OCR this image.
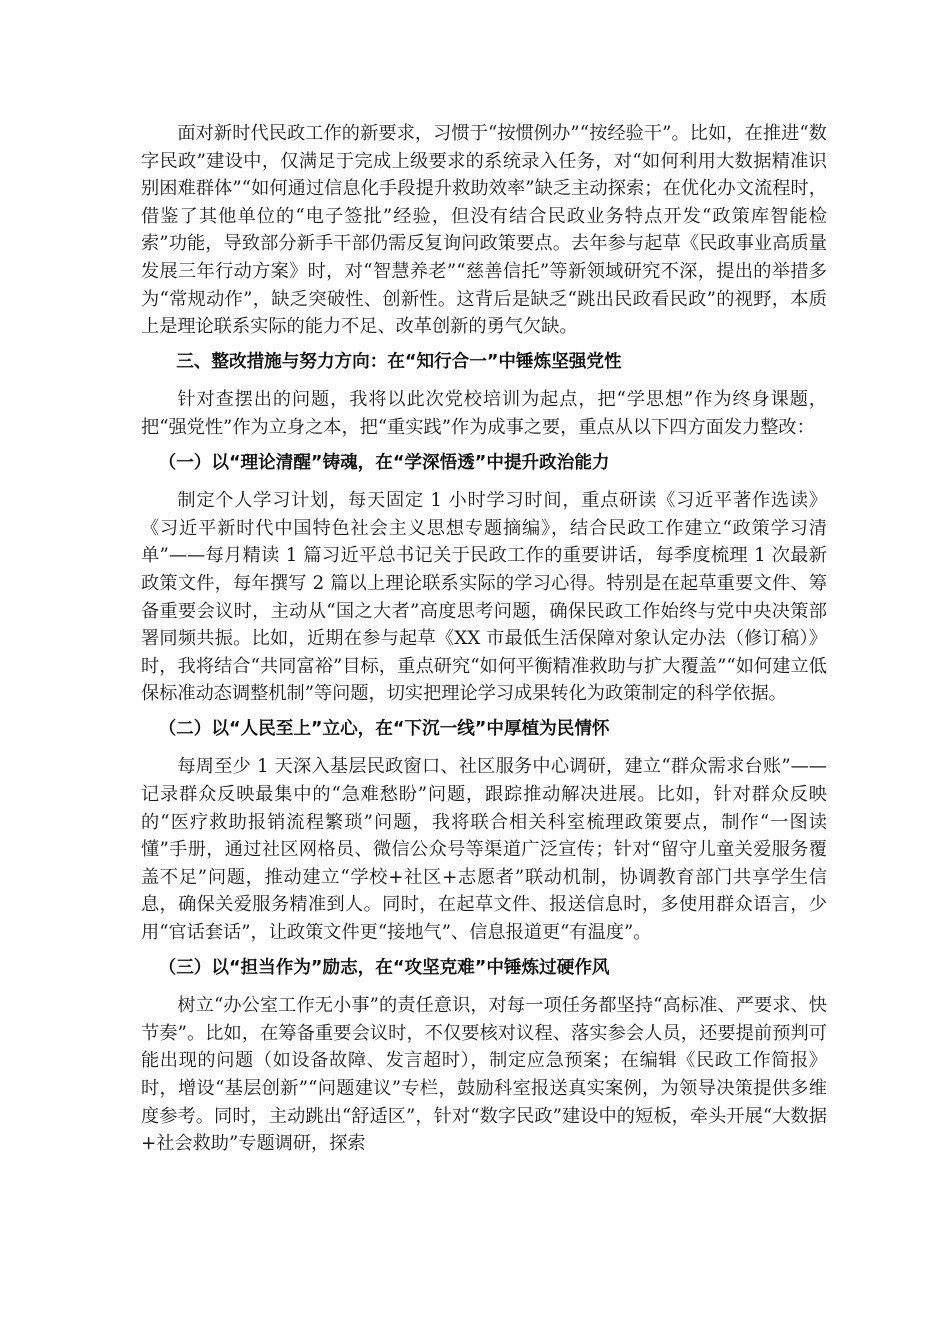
面对新时代民政工作的新要求，习惯于“按惯例办”“按经验干”。比如，在推进“数字民政”建设中，仅满足于完成上级要求的系统录入任务，对“如何利用大数据精准识别困难群体”“如何通过信息化手段提升救助效率”缺乏主动探索；在优化办文流程时，借鉴了其他单位的“电子签批”经验，但没有结合民政业务特点开发“政策库智能检索”功能，导致部分新手干部仍需反复询问政策要点。去年参与起草《民政事业高质量发展三年行动方案》时，对“智慧养老”“慈善信托”等新领域研究不深，提出的举措多为“常规动作”，缺乏突破性、创新性。这背后是缺乏“跳出民政看民政”的视野，本质上是理论联系实际的能力不足、改革创新的勇气欠缺。

三、整改措施与努力方向：在“知行合一”中锤炼坚强党性

针对查摆出的问题，我将以此次党校培训为起点，把“学思想”作为终身课题，把“强党性”作为立身之本，把“重实践”作为成事之要，重点从以下四方面发力整改：

（一）以“理论清醒”铸魂，在“学深悟透”中提升政治能力

制定个人学习计划，每天固定 1 小时学习时间，重点研读《习近平著作选读》《习近平新时代中国特色社会主义思想专题摘编》，结合民政工作建立“政策学习清单”——每月精读 1 篇习近平总书记关于民政工作的重要讲话，每季度梳理 1 次最新政策文件，每年撰写 2 篇以上理论联系实际的学习心得。特别是在起草重要文件、筹备重要会议时，主动从“国之大者”高度思考问题，确保民政工作始终与党中央决策部署同频共振。比如，近期在参与起草《XX 市最低生活保障对象认定办法（修订稿）》时，我将结合“共同富裕”目标，重点研究“如何平衡精准救助与扩大覆盖”“如何建立低保标准动态调整机制”等问题，切实把理论学习成果转化为政策制定的科学依据。

（二）以“人民至上”立心，在“下沉一线”中厚植为民情怀

每周至少 1 天深入基层民政窗口、社区服务中心调研，建立“群众需求台账”——记录群众反映最集中的“急难愁盼”问题，跟踪推动解决进展。比如，针对群众反映的“医疗救助报销流程繁琐”问题，我将联合相关科室梳理政策要点，制作“一图读懂”手册，通过社区网格员、微信公众号等渠道广泛宣传；针对“留守儿童关爱服务覆盖不足”问题，推动建立“学校+社区+志愿者”联动机制，协调教育部门共享学生信息，确保关爱服务精准到人。同时，在起草文件、报送信息时，多使用群众语言，少用“官话套话”，让政策文件更“接地气”、信息报道更“有温度”。

（三）以“担当作为”励志，在“攻坚克难”中锤炼过硬作风

树立“办公室工作无小事”的责任意识，对每一项任务都坚持“高标准、严要求、快节奏”。比如，在筹备重要会议时，不仅要核对议程、落实参会人员，还要提前预判可能出现的问题（如设备故障、发言超时），制定应急预案；在编辑《民政工作简报》时，增设“基层创新”“问题建议”专栏，鼓励科室报送真实案例，为领导决策提供多维度参考。同时，主动跳出“舒适区”，针对“数字民政”建设中的短板，牵头开展“大数据+社会救助”专题调研，探索
